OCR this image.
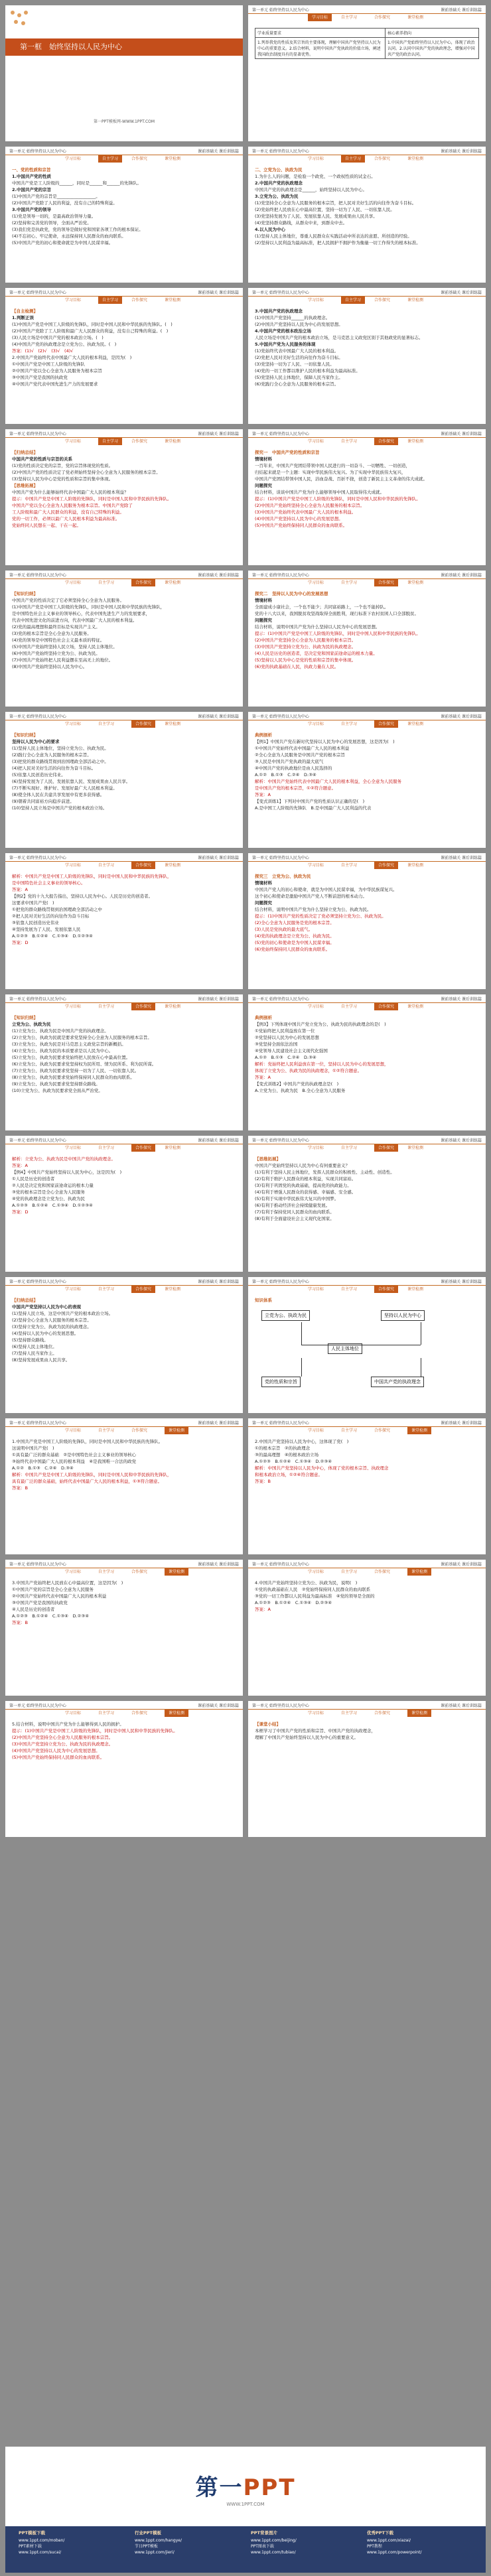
第一框　始终坚持以人民为中心
第一PPT模板网-WWW.1PPT.COM
第一单元 始终坚持以人民为中心	课前基础关 课后训练篇
学习目标	自主学习	合作探究	课堂检测
学业质量要求	核心素养指向
1.列举我党的性质及其宗旨的主要体现，理解中国共产党坚持以人民为中心的重要意义。2.结合材料，说明中国共产党执政的价值立场，阐述我国政治制度具有的显著优势。	1.中国共产党始终坚持以人民为中心，体现了政治认同。2.认同中国共产党的执政理念，增强对中国共产党的政治认同。
第一单元 始终坚持以人民为中心	课前基础关 课后训练篇
学习目标	自主学习	合作探究	课堂检测
一、党的性质和宗旨
1.中国共产党的性质
中国共产党是工人阶级的______，同时是______和______的先锋队。
2.中国共产党的宗旨
(1)中国共产党的宗旨是__________________。
(2)中国共产党除了人民的利益，没有自己的特殊利益。
3.中国共产党的领导
(1)党是领导一切的，是最高政治领导力量。
(2)坚持和完善党的领导，全面从严治党。
(3)我们党是执政党，党的领导是做好党和国家各项工作的根本保证。
(4)不忘初心、牢记使命，永远保持同人民群众的血肉联系。
(5)中国共产党的初心和使命就是为中国人民谋幸福。
第一单元 始终坚持以人民为中心	课前基础关 课后训练篇
学习目标	自主学习	合作探究	课堂检测
二、立党为公、执政为民
1.为什么人的问题，是检验一个政党、一个政权性质的试金石。
2.中国共产党的执政理念
中国共产党的执政理念是______，始终坚持以人民为中心。
3.立党为公、执政为民
(1)党坚持全心全意为人民服务的根本宗旨，把人民对美好生活的向往作为奋斗目标。
(2)党始终把人民放在心中最高位置，坚持一切为了人民、一切依靠人民。
(3)党坚持发展为了人民、发展依靠人民、发展成果由人民共享。
(4)党坚持群众路线，从群众中来，到群众中去。
4.以人民为中心
(1)坚持人民主体地位，尊重人民群众在实践活动中所表达的意愿、所创造的经验。
(2)坚持以人民利益为最高标准，把人民拥护不拥护作为衡量一切工作得失的根本标准。
第一单元 始终坚持以人民为中心	课前基础关 课后训练篇
学习目标	自主学习	合作探究	课堂检测
【自主检测】
1.判断正误
(1)中国共产党是中国工人阶级的先锋队，同时是中国人民和中华民族的先锋队。(　)
(2)中国共产党除了工人阶级和最广大人民群众的利益，没有自己特殊的利益。(　)
(3)人民立场是中国共产党的根本政治立场。(　)
(4)中国共产党的执政理念是立党为公、执政为民。(　)
答案：(1)√　(2)√　(3)√　(4)√
2.中国共产党始终代表中国最广大人民的根本利益，是因为(　)
①中国共产党是中国工人阶级的先锋队
②中国共产党以全心全意为人民服务为根本宗旨
③中国共产党是我国的执政党
④中国共产党代表中国先进生产力的发展要求
第一单元 始终坚持以人民为中心	课前基础关 课后训练篇
学习目标	自主学习	合作探究	课堂检测
3.中国共产党的执政理念
(1)中国共产党坚持______的执政理念。
(2)中国共产党坚持以人民为中心的发展思想。
4.中国共产党的根本政治立场
人民立场是中国共产党的根本政治立场，是马克思主义政党区别于其他政党的显著标志。
5.中国共产党为人民服务的体现
(1)党始终代表中国最广大人民的根本利益。
(2)党把人民对美好生活的向往作为奋斗目标。
(3)党坚持一切为了人民、一切依靠人民。
(4)党的一切工作都以维护人民的根本利益为最高标准。
(5)党坚持人民主体地位，保障人民当家作主。
(6)党践行全心全意为人民服务的根本宗旨。
第一单元 始终坚持以人民为中心	课前基础关 课后训练篇
学习目标	自主学习	合作探究	课堂检测
【归纳总结】
中国共产党的性质与宗旨的关系
(1)党的性质决定党的宗旨，党的宗旨体现党的性质。
(2)中国共产党的性质决定了党必须始终坚持全心全意为人民服务的根本宗旨。
(3)坚持以人民为中心是党的性质和宗旨的集中体现。
【思维拓展】
中国共产党为什么能够始终代表中国最广大人民的根本利益？
提示：中国共产党是中国工人阶级的先锋队，同时是中国人民和中华民族的先锋队。
中国共产党以全心全意为人民服务为根本宗旨。中国共产党除了
工人阶级和最广大人民群众的利益，没有自己特殊的利益。
党的一切工作，必须以最广大人民根本利益为最高标准。
党始终同人民想在一起、干在一起。
第一单元 始终坚持以人民为中心	课前基础关 课后训练篇
学习目标	自主学习	合作探究	课堂检测
探究一　中国共产党的性质和宗旨
情境材料
一百年来，中国共产党团结带领中国人民进行的一切奋斗、一切牺牲、一切创造，
归结起来就是一个主题：实现中华民族伟大复兴。为了实现中华民族伟大复兴，
中国共产党团结带领中国人民，浴血奋战、百折不挠，创造了新民主主义革命的伟大成就。
问题探究
结合材料，谈谈中国共产党为什么能够领导中国人民取得伟大成就。
提示：(1)中国共产党是中国工人阶级的先锋队，同时是中国人民和中华民族的先锋队。
(2)中国共产党始终坚持全心全意为人民服务的根本宗旨。
(3)中国共产党始终代表中国最广大人民的根本利益。
(4)中国共产党坚持以人民为中心的发展思想。
(5)中国共产党始终保持同人民群众的血肉联系。
第一单元 始终坚持以人民为中心	课前基础关 课后训练篇
学习目标	自主学习	合作探究	课堂检测
【知识归纳】
中国共产党的性质决定了它必须坚持全心全意为人民服务。
(1)中国共产党是中国工人阶级的先锋队，同时是中国人民和中华民族的先锋队，
是中国特色社会主义事业的领导核心，代表中国先进生产力的发展要求，
代表中国先进文化的前进方向，代表中国最广大人民的根本利益。
(2)党的最高理想和最终目标是实现共产主义。
(3)党的根本宗旨是全心全意为人民服务。
(4)党的领导是中国特色社会主义最本质的特征。
(5)中国共产党始终坚持人民立场，坚持人民主体地位。
(6)中国共产党始终坚持立党为公、执政为民。
(7)中国共产党始终把人民利益摆在至高无上的地位。
(8)中国共产党始终坚持以人民为中心。
第一单元 始终坚持以人民为中心	课前基础关 课后训练篇
学习目标	自主学习	合作探究	课堂检测
探究二　坚持以人民为中心的发展思想
情境材料
全面建成小康社会，一个也不能少；共同富裕路上，一个也不能掉队。
党的十八大以来，我国脱贫攻坚战取得全面胜利，现行标准下农村贫困人口全部脱贫。
问题探究
结合材料，说明中国共产党为什么坚持以人民为中心的发展思想。
提示：(1)中国共产党是中国工人阶级的先锋队，同时是中国人民和中华民族的先锋队。
(2)中国共产党坚持全心全意为人民服务的根本宗旨。
(3)中国共产党坚持立党为公、执政为民的执政理念。
(4)人民是历史的创造者，是决定党和国家前途命运的根本力量。
(5)坚持以人民为中心是党的性质和宗旨的集中体现。
(6)党的执政基础在人民，执政力量在人民。
第一单元 始终坚持以人民为中心	课前基础关 课后训练篇
学习目标	自主学习	合作探究	课堂检测
【知识归纳】
坚持以人民为中心的要求
(1)坚持人民主体地位，坚持立党为公、执政为民。
(2)践行全心全意为人民服务的根本宗旨。
(3)把党的群众路线贯彻到治国理政全部活动之中。
(4)把人民对美好生活的向往作为奋斗目标。
(5)依靠人民创造历史伟业。
(6)坚持发展为了人民、发展依靠人民、发展成果由人民共享。
(7)不断实现好、维护好、发展好最广大人民根本利益。
(8)使全体人民在共建共享发展中有更多获得感。
(9)朝着共同富裕方向稳步前进。
(10)坚持人民立场是中国共产党的根本政治立场。
第一单元 始终坚持以人民为中心	课前基础关 课后训练篇
学习目标	自主学习	合作探究	课堂检测
典例剖析
【例1】中国共产党在新时代坚持以人民为中心的发展思想，这是因为(　)
①中国共产党始终代表中国最广大人民的根本利益
②全心全意为人民服务是中国共产党的根本宗旨
③人民是中国共产党执政的最大底气
④中国共产党的执政地位是由人民选择的
A.①②　B.①③　C.②④　D.③④
解析：中国共产党始终代表中国最广大人民的根本利益，全心全意为人民服务
是中国共产党的根本宗旨，①②符合题意。
答案：A
【变式训练1】下列对中国共产党的性质认识正确的是(　)
A.是中国工人阶级的先锋队　B.是中国最广大人民利益的代表
第一单元 始终坚持以人民为中心	课前基础关 课后训练篇
学习目标	自主学习	合作探究	课堂检测
解析：中国共产党是中国工人阶级的先锋队，同时是中国人民和中华民族的先锋队，
是中国特色社会主义事业的领导核心。
答案：A
【例2】党的十九大报告指出，坚持以人民为中心。人民是历史的创造者。
这要求中国共产党(　)
①把党的群众路线贯彻到治国理政全部活动之中
②把人民对美好生活的向往作为奋斗目标
③依靠人民创造历史伟业
④坚持发展为了人民、发展依靠人民
A.①②③　B.①②④　C.①③④　D.①②③④
答案：D
第一单元 始终坚持以人民为中心	课前基础关 课后训练篇
学习目标	自主学习	合作探究	课堂检测
探究三　立党为公、执政为民
情境材料
中国共产党人的初心和使命，就是为中国人民谋幸福，为中华民族谋复兴。
这个初心和使命是激励中国共产党人不断前进的根本动力。
问题探究
结合材料，说明中国共产党为什么坚持立党为公、执政为民。
提示：(1)中国共产党的性质决定了党必须坚持立党为公、执政为民。
(2)全心全意为人民服务是党的根本宗旨。
(3)人民是党执政的最大底气。
(4)党的执政理念是立党为公、执政为民。
(5)党的初心和使命是为中国人民谋幸福。
(6)党始终保持同人民群众的血肉联系。
第一单元 始终坚持以人民为中心	课前基础关 课后训练篇
学习目标	自主学习	合作探究	课堂检测
【知识归纳】
立党为公、执政为民
(1)立党为公、执政为民是中国共产党的执政理念。
(2)立党为公、执政为民就是要求党坚持全心全意为人民服务的根本宗旨。
(3)立党为公、执政为民是对马克思主义政党宗旨的新概括。
(4)立党为公、执政为民的本质要求是以人民为中心。
(5)立党为公、执政为民要求党始终把人民放在心中最高位置。
(6)立党为公、执政为民要求党坚持权为民所用、情为民所系、利为民所谋。
(7)立党为公、执政为民要求党坚持一切为了人民、一切依靠人民。
(8)立党为公、执政为民要求党始终保持同人民群众的血肉联系。
(9)立党为公、执政为民要求党坚持群众路线。
(10)立党为公、执政为民要求党全面从严治党。
第一单元 始终坚持以人民为中心	课前基础关 课后训练篇
学习目标	自主学习	合作探究	课堂检测
典例剖析
【例3】下列体现中国共产党立党为公、执政为民的执政理念的是(　)
①党始终把人民利益放在第一位
②党坚持以人民为中心的发展思想
③党坚持全面依法治国
④党领导人民建设社会主义现代化强国
A.①②　B.①③　C.②④　D.③④
解析：党始终把人民利益放在第一位，坚持以人民为中心的发展思想，
体现了立党为公、执政为民的执政理念，①②符合题意。
答案：A
【变式训练2】中国共产党的执政理念是(　)
A.立党为公、执政为民　B.全心全意为人民服务
第一单元 始终坚持以人民为中心	课前基础关 课后训练篇
学习目标	自主学习	合作探究	课堂检测
解析：立党为公、执政为民是中国共产党的执政理念。
答案：A
【例4】中国共产党始终坚持以人民为中心，这是因为(　)
①人民是历史的创造者
②人民是决定党和国家前途命运的根本力量
③党的根本宗旨是全心全意为人民服务
④党的执政理念是立党为公、执政为民
A.①②③　B.①②④　C.①③④　D.①②③④
答案：D
第一单元 始终坚持以人民为中心	课前基础关 课后训练篇
学习目标	自主学习	合作探究	课堂检测
【思维拓展】
中国共产党始终坚持以人民为中心有何重要意义？
(1)有利于坚持人民主体地位，发挥人民群众的积极性、主动性、创造性。
(2)有利于维护人民群众的根本利益，实现共同富裕。
(3)有利于巩固党的执政基础，提高党的执政能力。
(4)有利于增强人民群众的获得感、幸福感、安全感。
(5)有利于实现中华民族伟大复兴的中国梦。
(6)有利于推动经济社会持续健康发展。
(7)有利于保持党同人民群众的血肉联系。
(8)有利于全面建设社会主义现代化国家。
第一单元 始终坚持以人民为中心	课前基础关 课后训练篇
学习目标	自主学习	合作探究	课堂检测
【归纳总结】
中国共产党坚持以人民为中心的表现
(1)坚持人民立场，这是中国共产党的根本政治立场。
(2)坚持全心全意为人民服务的根本宗旨。
(3)坚持立党为公、执政为民的执政理念。
(4)坚持以人民为中心的发展思想。
(5)坚持群众路线。
(6)坚持人民主体地位。
(7)坚持人民当家作主。
(8)坚持发展成果由人民共享。
第一单元 始终坚持以人民为中心	课前基础关 课后训练篇
学习目标	自主学习	合作探究	课堂检测
知识体系
立党为公、执政为民	坚持以人民为中心
人民主体地位
党的性质和宗旨	中国共产党的执政理念
第一单元 始终坚持以人民为中心	课前基础关 课后训练篇
学习目标	自主学习	合作探究	课堂检测
1.中国共产党是中国工人阶级的先锋队，同时是中国人民和中华民族的先锋队。
这说明中国共产党(　)
①具有最广泛的群众基础　②是中国特色社会主义事业的领导核心
③始终代表中国最广大人民的根本利益　④是我国唯一合法的政党
A.①②　B.①③　C.②④　D.③④
解析：中国共产党是中国工人阶级的先锋队，同时是中国人民和中华民族的先锋队，
具有最广泛的群众基础，始终代表中国最广大人民的根本利益，①③符合题意。
答案：B
第一单元 始终坚持以人民为中心	课前基础关 课后训练篇
学习目标	自主学习	合作探究	课堂检测
2.中国共产党坚持以人民为中心，这体现了党(　)
①的根本宗旨　②的执政理念
③的最高理想　④的根本政治立场
A.①②③　B.①②④　C.①③④　D.②③④
解析：中国共产党坚持以人民为中心，体现了党的根本宗旨、执政理念
和根本政治立场，①②④符合题意。
答案：B
第一单元 始终坚持以人民为中心	课前基础关 课后训练篇
学习目标	自主学习	合作探究	课堂检测
3.中国共产党始终把人民放在心中最高位置，这是因为(　)
①中国共产党的宗旨是全心全意为人民服务
②中国共产党始终代表中国最广大人民的根本利益
③中国共产党是我国的执政党
④人民是历史的创造者
A.①②③　B.①②④　C.①③④　D.②③④
答案：B
第一单元 始终坚持以人民为中心	课前基础关 课后训练篇
学习目标	自主学习	合作探究	课堂检测
4.中国共产党始终坚持立党为公、执政为民，说明(　)
①党的执政基础在人民　②党始终保持同人民群众的血肉联系
③党的一切工作都以人民利益为最高标准　④党的领导是全面的
A.①②③　B.①②④　C.①③④　D.②③④
答案：A
第一单元 始终坚持以人民为中心	课前基础关 课后训练篇
学习目标	自主学习	合作探究	课堂检测
5.结合材料，说明中国共产党为什么能够得到人民的拥护。
提示：(1)中国共产党是中国工人阶级的先锋队，同时是中国人民和中华民族的先锋队。
(2)中国共产党坚持全心全意为人民服务的根本宗旨。
(3)中国共产党坚持立党为公、执政为民的执政理念。
(4)中国共产党坚持以人民为中心的发展思想。
(5)中国共产党始终保持同人民群众的血肉联系。
第一单元 始终坚持以人民为中心	课前基础关 课后训练篇
学习目标	自主学习	合作探究	课堂检测
【课堂小结】
本框学习了中国共产党的性质和宗旨、中国共产党的执政理念，
理解了中国共产党始终坚持以人民为中心的重要意义。
第一PPT
WWW.1PPT.COM
PPT模板下载
www.1ppt.com/moban/
PPT素材下载
www.1ppt.com/sucai/
行业PPT模板
www.1ppt.com/hangye/
节日PPT模板
www.1ppt.com/jieri/
PPT背景图片
www.1ppt.com/beijing/
PPT图表下载
www.1ppt.com/tubiao/
优秀PPT下载
www.1ppt.com/xiazai/
PPT教程
www.1ppt.com/powerpoint/
